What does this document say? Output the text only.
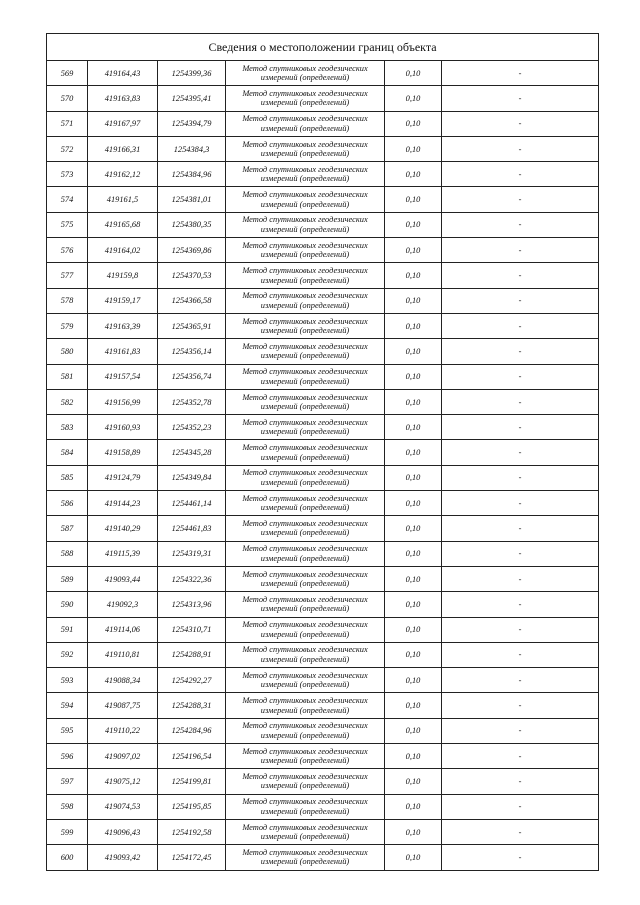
Сведения о местоположении границ объекта					
569	419164,43	1254399,36	Метод спутниковых геодезических
измерений (определений)	0,10	-
570	419163,83	1254395,41	Метод спутниковых геодезических
измерений (определений)	0,10	-
571	419167,97	1254394,79	Метод спутниковых геодезических
измерений (определений)	0,10	-
572	419166,31	1254384,3	Метод спутниковых геодезических
измерений (определений)	0,10	-
573	419162,12	1254384,96	Метод спутниковых геодезических
измерений (определений)	0,10	-
574	419161,5	1254381,01	Метод спутниковых геодезических
измерений (определений)	0,10	-
575	419165,68	1254380,35	Метод спутниковых геодезических
измерений (определений)	0,10	-
576	419164,02	1254369,86	Метод спутниковых геодезических
измерений (определений)	0,10	-
577	419159,8	1254370,53	Метод спутниковых геодезических
измерений (определений)	0,10	-
578	419159,17	1254366,58	Метод спутниковых геодезических
измерений (определений)	0,10	-
579	419163,39	1254365,91	Метод спутниковых геодезических
измерений (определений)	0,10	-
580	419161,83	1254356,14	Метод спутниковых геодезических
измерений (определений)	0,10	-
581	419157,54	1254356,74	Метод спутниковых геодезических
измерений (определений)	0,10	-
582	419156,99	1254352,78	Метод спутниковых геодезических
измерений (определений)	0,10	-
583	419160,93	1254352,23	Метод спутниковых геодезических
измерений (определений)	0,10	-
584	419158,89	1254345,28	Метод спутниковых геодезических
измерений (определений)	0,10	-
585	419124,79	1254349,84	Метод спутниковых геодезических
измерений (определений)	0,10	-
586	419144,23	1254461,14	Метод спутниковых геодезических
измерений (определений)	0,10	-
587	419140,29	1254461,83	Метод спутниковых геодезических
измерений (определений)	0,10	-
588	419115,39	1254319,31	Метод спутниковых геодезических
измерений (определений)	0,10	-
589	419093,44	1254322,36	Метод спутниковых геодезических
измерений (определений)	0,10	-
590	419092,3	1254313,96	Метод спутниковых геодезических
измерений (определений)	0,10	-
591	419114,06	1254310,71	Метод спутниковых геодезических
измерений (определений)	0,10	-
592	419110,81	1254288,91	Метод спутниковых геодезических
измерений (определений)	0,10	-
593	419088,34	1254292,27	Метод спутниковых геодезических
измерений (определений)	0,10	-
594	419087,75	1254288,31	Метод спутниковых геодезических
измерений (определений)	0,10	-
595	419110,22	1254284,96	Метод спутниковых геодезических
измерений (определений)	0,10	-
596	419097,02	1254196,54	Метод спутниковых геодезических
измерений (определений)	0,10	-
597	419075,12	1254199,81	Метод спутниковых геодезических
измерений (определений)	0,10	-
598	419074,53	1254195,85	Метод спутниковых геодезических
измерений (определений)	0,10	-
599	419096,43	1254192,58	Метод спутниковых геодезических
измерений (определений)	0,10	-
600	419093,42	1254172,45	Метод спутниковых геодезических
измерений (определений)	0,10	-
